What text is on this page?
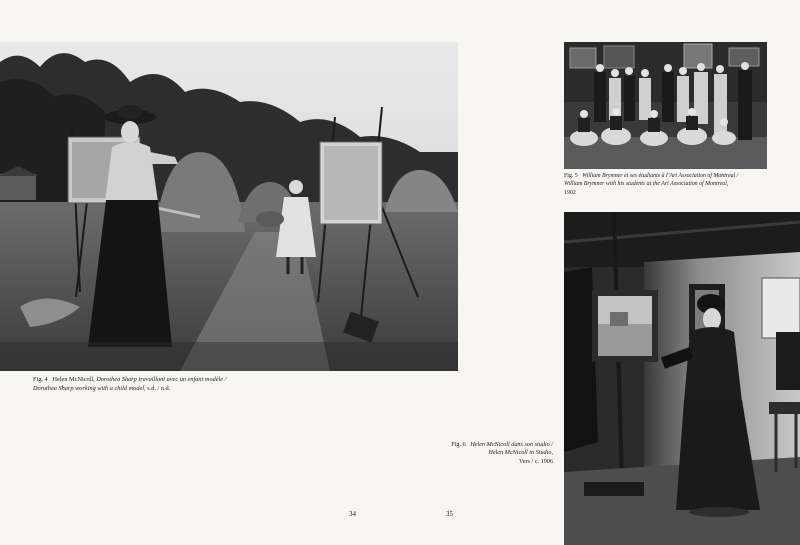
Fig. 4 Helen McNicoll, Dorothea Sharp travaillant avec un enfant modèle /
Dorothea Sharp working with a child model, s.d. / n.d.
Fig. 5 William Brymner et ses étudiants à l’Art Association of Montreal /
William Brymner with his students at the Art Association of Montreal,
1902
Fig. 6 Helen McNicoll dans son studio /
Helen McNicoll in Studio,
Vers / c. 1906
34	35
